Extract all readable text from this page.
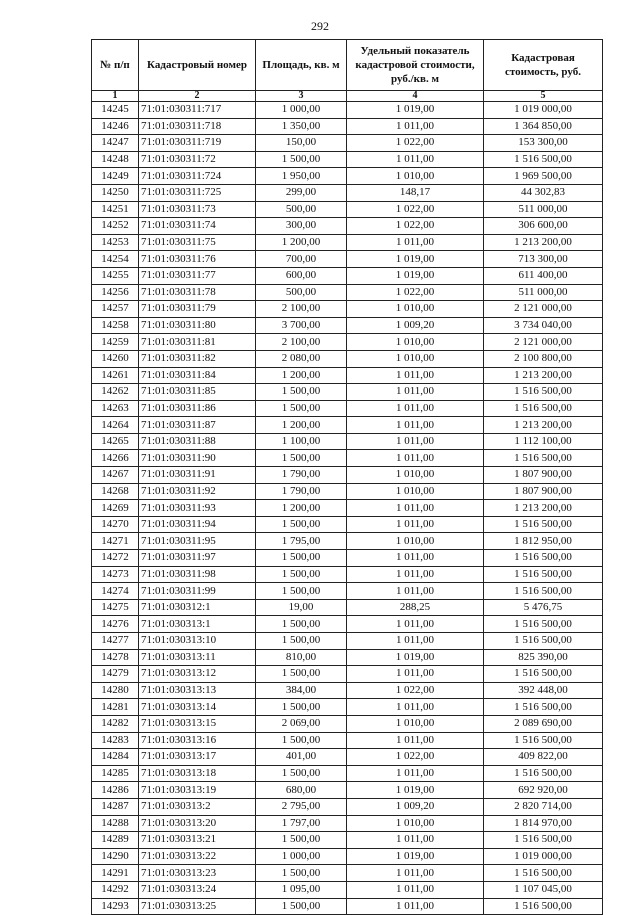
292
№ п/п	Кадастровый номер	Площадь, кв. м	Удельный показатель кадастровой стоимости, руб./кв. м	Кадастровая стоимость, руб.
1	2	3	4	5
14245	71:01:030311:717	1 000,00	1 019,00	1 019 000,00
14246	71:01:030311:718	1 350,00	1 011,00	1 364 850,00
14247	71:01:030311:719	150,00	1 022,00	153 300,00
14248	71:01:030311:72	1 500,00	1 011,00	1 516 500,00
14249	71:01:030311:724	1 950,00	1 010,00	1 969 500,00
14250	71:01:030311:725	299,00	148,17	44 302,83
14251	71:01:030311:73	500,00	1 022,00	511 000,00
14252	71:01:030311:74	300,00	1 022,00	306 600,00
14253	71:01:030311:75	1 200,00	1 011,00	1 213 200,00
14254	71:01:030311:76	700,00	1 019,00	713 300,00
14255	71:01:030311:77	600,00	1 019,00	611 400,00
14256	71:01:030311:78	500,00	1 022,00	511 000,00
14257	71:01:030311:79	2 100,00	1 010,00	2 121 000,00
14258	71:01:030311:80	3 700,00	1 009,20	3 734 040,00
14259	71:01:030311:81	2 100,00	1 010,00	2 121 000,00
14260	71:01:030311:82	2 080,00	1 010,00	2 100 800,00
14261	71:01:030311:84	1 200,00	1 011,00	1 213 200,00
14262	71:01:030311:85	1 500,00	1 011,00	1 516 500,00
14263	71:01:030311:86	1 500,00	1 011,00	1 516 500,00
14264	71:01:030311:87	1 200,00	1 011,00	1 213 200,00
14265	71:01:030311:88	1 100,00	1 011,00	1 112 100,00
14266	71:01:030311:90	1 500,00	1 011,00	1 516 500,00
14267	71:01:030311:91	1 790,00	1 010,00	1 807 900,00
14268	71:01:030311:92	1 790,00	1 010,00	1 807 900,00
14269	71:01:030311:93	1 200,00	1 011,00	1 213 200,00
14270	71:01:030311:94	1 500,00	1 011,00	1 516 500,00
14271	71:01:030311:95	1 795,00	1 010,00	1 812 950,00
14272	71:01:030311:97	1 500,00	1 011,00	1 516 500,00
14273	71:01:030311:98	1 500,00	1 011,00	1 516 500,00
14274	71:01:030311:99	1 500,00	1 011,00	1 516 500,00
14275	71:01:030312:1	19,00	288,25	5 476,75
14276	71:01:030313:1	1 500,00	1 011,00	1 516 500,00
14277	71:01:030313:10	1 500,00	1 011,00	1 516 500,00
14278	71:01:030313:11	810,00	1 019,00	825 390,00
14279	71:01:030313:12	1 500,00	1 011,00	1 516 500,00
14280	71:01:030313:13	384,00	1 022,00	392 448,00
14281	71:01:030313:14	1 500,00	1 011,00	1 516 500,00
14282	71:01:030313:15	2 069,00	1 010,00	2 089 690,00
14283	71:01:030313:16	1 500,00	1 011,00	1 516 500,00
14284	71:01:030313:17	401,00	1 022,00	409 822,00
14285	71:01:030313:18	1 500,00	1 011,00	1 516 500,00
14286	71:01:030313:19	680,00	1 019,00	692 920,00
14287	71:01:030313:2	2 795,00	1 009,20	2 820 714,00
14288	71:01:030313:20	1 797,00	1 010,00	1 814 970,00
14289	71:01:030313:21	1 500,00	1 011,00	1 516 500,00
14290	71:01:030313:22	1 000,00	1 019,00	1 019 000,00
14291	71:01:030313:23	1 500,00	1 011,00	1 516 500,00
14292	71:01:030313:24	1 095,00	1 011,00	1 107 045,00
14293	71:01:030313:25	1 500,00	1 011,00	1 516 500,00
